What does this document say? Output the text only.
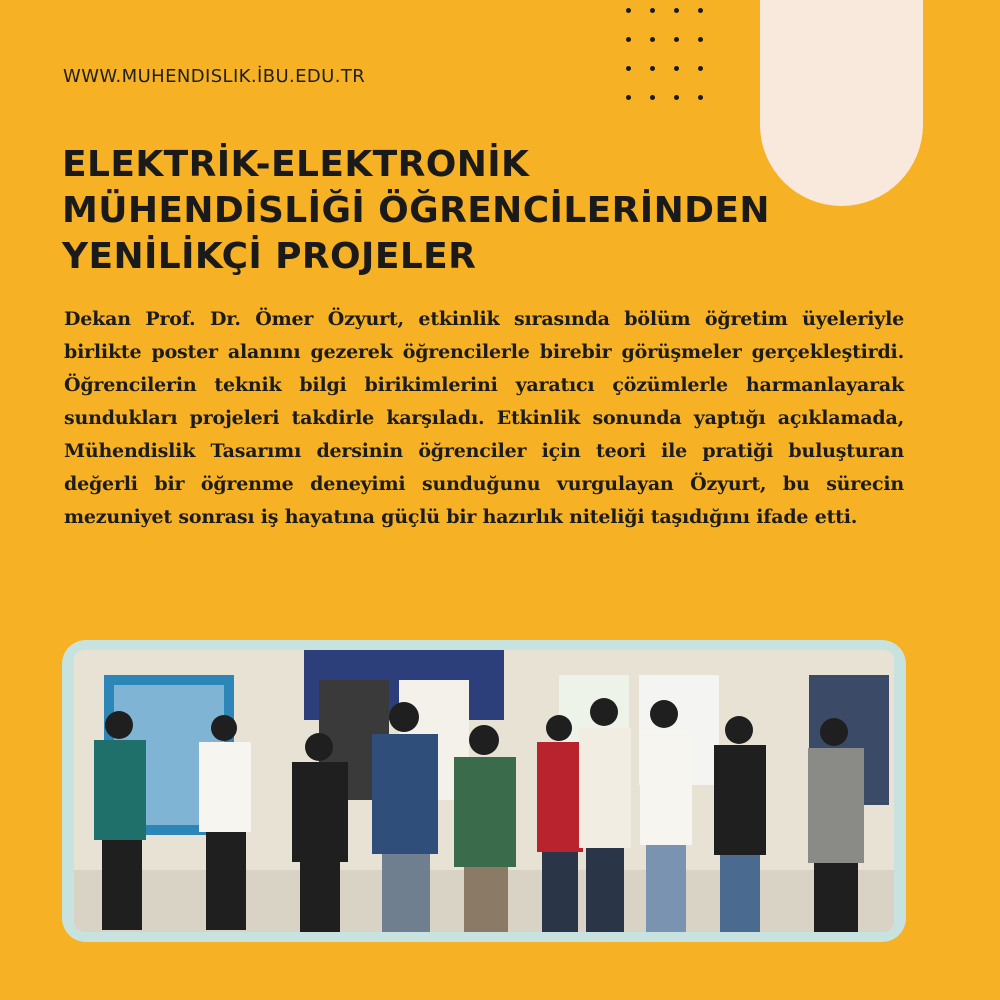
WWW.MUHENDISLIK.İBU.EDU.TR
ELEKTRİK-ELEKTRONİK
MÜHENDİSLİĞİ ÖĞRENCİLERİNDEN
YENİLİKÇİ PROJELER

Dekan Prof. Dr. Ömer Özyurt, etkinlik sırasında bölüm öğretim üyeleriyle birlikte poster alanını gezerek öğrencilerle birebir görüşmeler gerçekleştirdi. Öğrencilerin teknik bilgi birikimlerini yaratıcı çözümlerle harmanlayarak sundukları projeleri takdirle karşıladı. Etkinlik sonunda yaptığı açıklamada, Mühendislik Tasarımı dersinin öğrenciler için teori ile pratiği buluşturan değerli bir öğrenme deneyimi sunduğunu vurgulayan Özyurt, bu sürecin mezuniyet sonrası iş hayatına güçlü bir hazırlık niteliği taşıdığını ifade etti.
